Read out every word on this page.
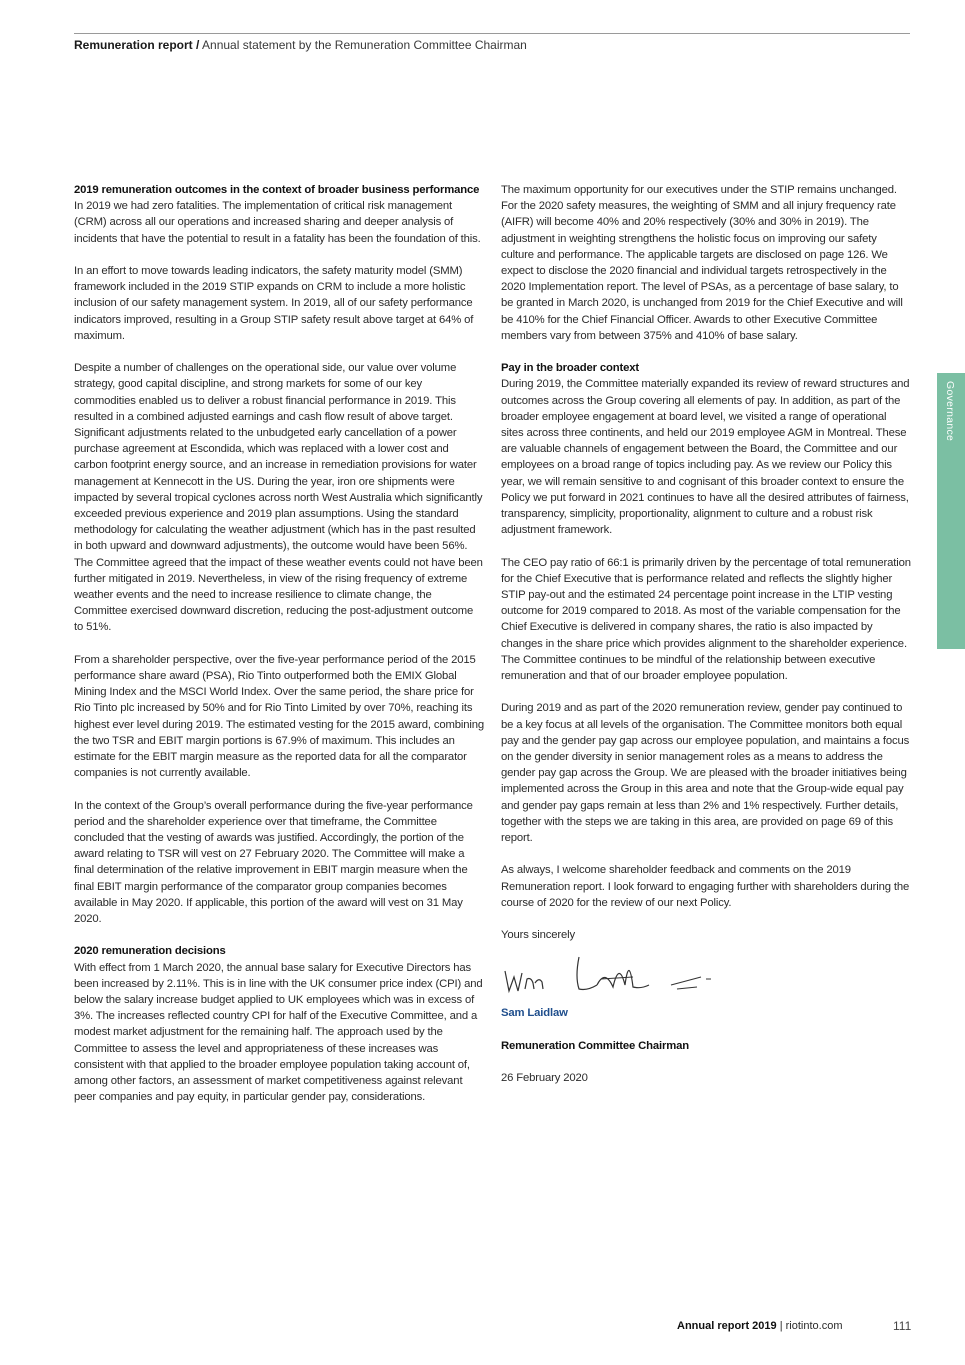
Remuneration report / Annual statement by the Remuneration Committee Chairman
2019 remuneration outcomes in the context of broader business performance

In 2019 we had zero fatalities. The implementation of critical risk management (CRM) across all our operations and increased sharing and deeper analysis of incidents that have the potential to result in a fatality has been the foundation of this.

In an effort to move towards leading indicators, the safety maturity model (SMM) framework included in the 2019 STIP expands on CRM to include a more holistic inclusion of our safety management system. In 2019, all of our safety performance indicators improved, resulting in a Group STIP safety result above target at 64% of maximum.

Despite a number of challenges on the operational side, our value over volume strategy, good capital discipline, and strong markets for some of our key commodities enabled us to deliver a robust financial performance in 2019. This resulted in a combined adjusted earnings and cash flow result of above target. Significant adjustments related to the unbudgeted early cancellation of a power purchase agreement at Escondida, which was replaced with a lower cost and carbon footprint energy source, and an increase in remediation provisions for water management at Kennecott in the US. During the year, iron ore shipments were impacted by several tropical cyclones across north West Australia which significantly exceeded previous experience and 2019 plan assumptions. Using the standard methodology for calculating the weather adjustment (which has in the past resulted in both upward and downward adjustments), the outcome would have been 56%. The Committee agreed that the impact of these weather events could not have been further mitigated in 2019. Nevertheless, in view of the rising frequency of extreme weather events and the need to increase resilience to climate change, the Committee exercised downward discretion, reducing the post-adjustment outcome to 51%.

From a shareholder perspective, over the five-year performance period of the 2015 performance share award (PSA), Rio Tinto outperformed both the EMIX Global Mining Index and the MSCI World Index. Over the same period, the share price for Rio Tinto plc increased by 50% and for Rio Tinto Limited by over 70%, reaching its highest ever level during 2019. The estimated vesting for the 2015 award, combining the two TSR and EBIT margin portions is 67.9% of maximum. This includes an estimate for the EBIT margin measure as the reported data for all the comparator companies is not currently available.

In the context of the Group’s overall performance during the five-year performance period and the shareholder experience over that timeframe, the Committee concluded that the vesting of awards was justified. Accordingly, the portion of the award relating to TSR will vest on 27 February 2020. The Committee will make a final determination of the relative improvement in EBIT margin measure when the final EBIT margin performance of the comparator group companies becomes available in May 2020. If applicable, this portion of the award will vest on 31 May 2020.

2020 remuneration decisions

With effect from 1 March 2020, the annual base salary for Executive Directors has been increased by 2.11%. This is in line with the UK consumer price index (CPI) and below the salary increase budget applied to UK employees which was in excess of 3%. The increases reflected country CPI for half of the Executive Committee, and a modest market adjustment for the remaining half. The approach used by the Committee to assess the level and appropriateness of these increases was consistent with that applied to the broader employee population taking account of, among other factors, an assessment of market competitiveness against relevant peer companies and pay equity, in particular gender pay, considerations.

The maximum opportunity for our executives under the STIP remains unchanged. For the 2020 safety measures, the weighting of SMM and all injury frequency rate (AIFR) will become 40% and 20% respectively (30% and 30% in 2019). The adjustment in weighting strengthens the holistic focus on improving our safety culture and performance. The applicable targets are disclosed on page 126. We expect to disclose the 2020 financial and individual targets retrospectively in the 2020 Implementation report. The level of PSAs, as a percentage of base salary, to be granted in March 2020, is unchanged from 2019 for the Chief Executive and will be 410% for the Chief Financial Officer. Awards to other Executive Committee members vary from between 375% and 410% of base salary.

Pay in the broader context

During 2019, the Committee materially expanded its review of reward structures and outcomes across the Group covering all elements of pay. In addition, as part of the broader employee engagement at board level, we visited a range of operational sites across three continents, and held our 2019 employee AGM in Montreal. These are valuable channels of engagement between the Board, the Committee and our employees on a broad range of topics including pay. As we review our Policy this year, we will remain sensitive to and cognisant of this broader context to ensure the Policy we put forward in 2021 continues to have all the desired attributes of fairness, transparency, simplicity, proportionality, alignment to culture and a robust risk adjustment framework.

The CEO pay ratio of 66:1 is primarily driven by the percentage of total remuneration for the Chief Executive that is performance related and reflects the slightly higher STIP pay-out and the estimated 24 percentage point increase in the LTIP vesting outcome for 2019 compared to 2018. As most of the variable compensation for the Chief Executive is delivered in company shares, the ratio is also impacted by changes in the share price which provides alignment to the shareholder experience. The Committee continues to be mindful of the relationship between executive remuneration and that of our broader employee population.

During 2019 and as part of the 2020 remuneration review, gender pay continued to be a key focus at all levels of the organisation. The Committee monitors both equal pay and the gender pay gap across our employee population, and maintains a focus on the gender diversity in senior management roles as a means to address the gender pay gap across the Group. We are pleased with the broader initiatives being implemented across the Group in this area and note that the Group-wide equal pay and gender pay gaps remain at less than 2% and 1% respectively. Further details, together with the steps we are taking in this area, are provided on page 69 of this report.

As always, I welcome shareholder feedback and comments on the 2019 Remuneration report. I look forward to engaging further with shareholders during the course of 2020 for the review of our next Policy.

Yours sincerely

Sam Laidlaw

Remuneration Committee Chairman

26 February 2020

Governance
Annual report 2019 | riotinto.com	111
